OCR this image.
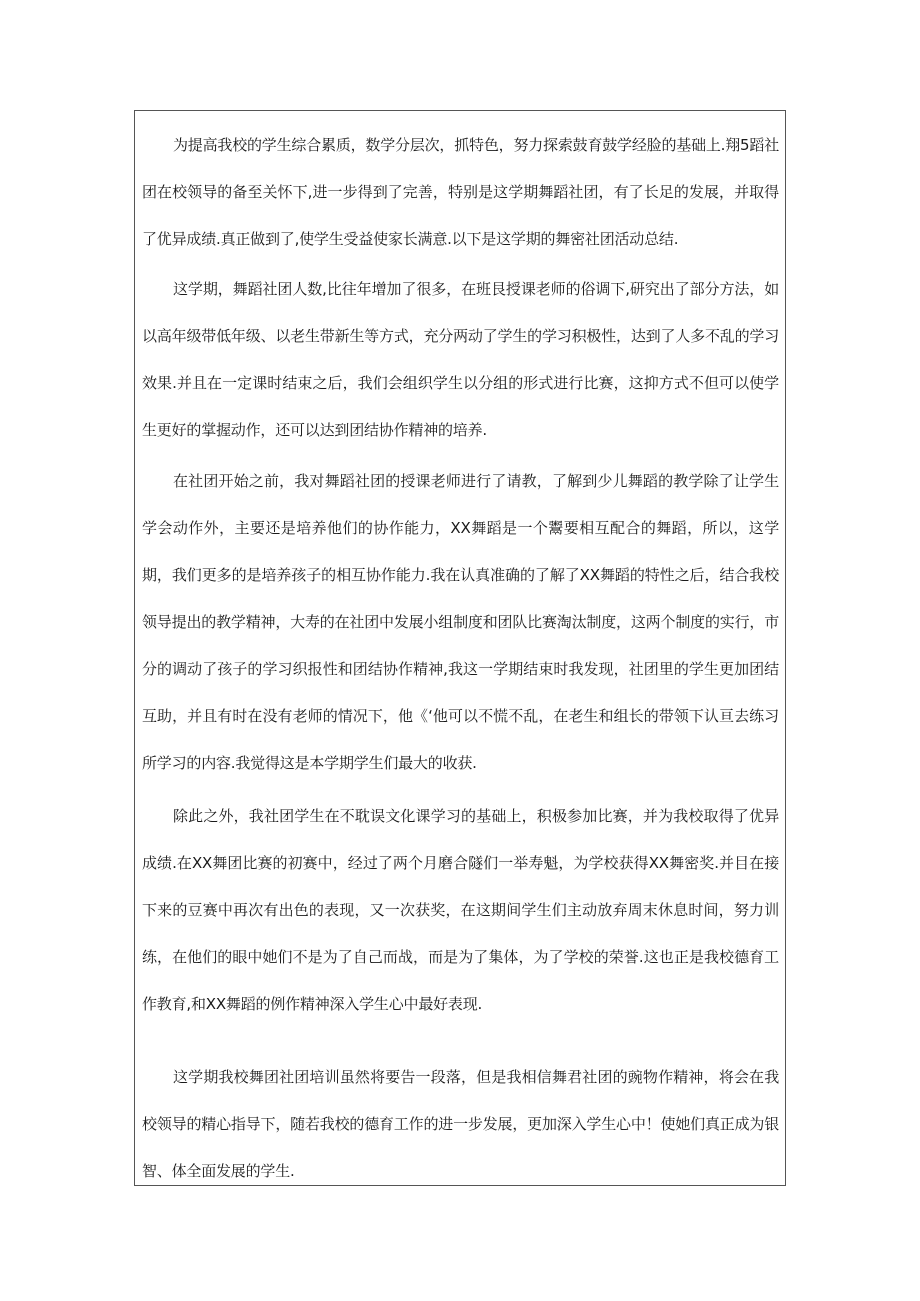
为提高我校的学生综合累质，数学分层次，抓特色，努力探索鼓育鼓学经脸的基础上.翔5蹈社团在校领导的备至关怀下,进一步得到了完善，特别是这学期舞蹈社团，有了长足的发展，并取得了优异成绩.真正做到了,使学生受益使家长满意.以下是这学期的舞密社团活动总结.

这学期，舞蹈社团人数,比往年增加了很多，在班艮授课老师的俗调下,研究出了部分方法，如以高年级带低年级、以老生带新生等方式，充分两动了学生的学习积极性，达到了人多不乱的学习效果.并且在一定课时结束之后，我们会组织学生以分组的形式进行比赛，这抑方式不但可以使学生更好的掌握动作，还可以达到团结协作精神的培养.

在社团开始之前，我对舞蹈社团的授课老师进行了请教，了解到少儿舞蹈的教学除了让学生学会动作外，主要还是培养他们的协作能力，XX舞蹈是一个鬻要相互配合的舞蹈，所以，这学期，我们更多的是培养孩子的相互协作能力.我在认真准确的了解了XX舞蹈的特性之后，结合我校领导提出的教学精神，大寿的在社团中发展小组制度和团队比赛淘汰制度，这两个制度的实行，市分的调动了孩子的学习织报性和团结协作精神,我这一学期结束时我发现，社团里的学生更加团结互助，并且有时在没有老师的情况下，他《‘他可以不慌不乱，在老生和组长的带领下认亘去练习所学习的内容.我觉得这是本学期学生们最大的收获.

除此之外，我社团学生在不耽误文化课学习的基础上，积极参加比赛，并为我校取得了优异成绩.在XX舞团比赛的初赛中，经过了两个月磨合隧们一举寿魁，为学校获得XX舞密奖.并目在接下来的豆赛中再次有出色的表现，又一次获奖，在这期间学生们主动放弃周末休息时间，努力训练，在他们的眼中她们不是为了自己而战，而是为了集体，为了学校的荣誉.这也正是我校德育工作教育,和XX舞蹈的例作精神深入学生心中最好表现.

这学期我校舞团社团培训虽然将要告一段落，但是我相信舞君社团的豌物作精神，将会在我校领导的精心指导下，随若我校的德育工作的进一步发展，更加深入学生心中！使她们真正成为银智、体全面发展的学生.
